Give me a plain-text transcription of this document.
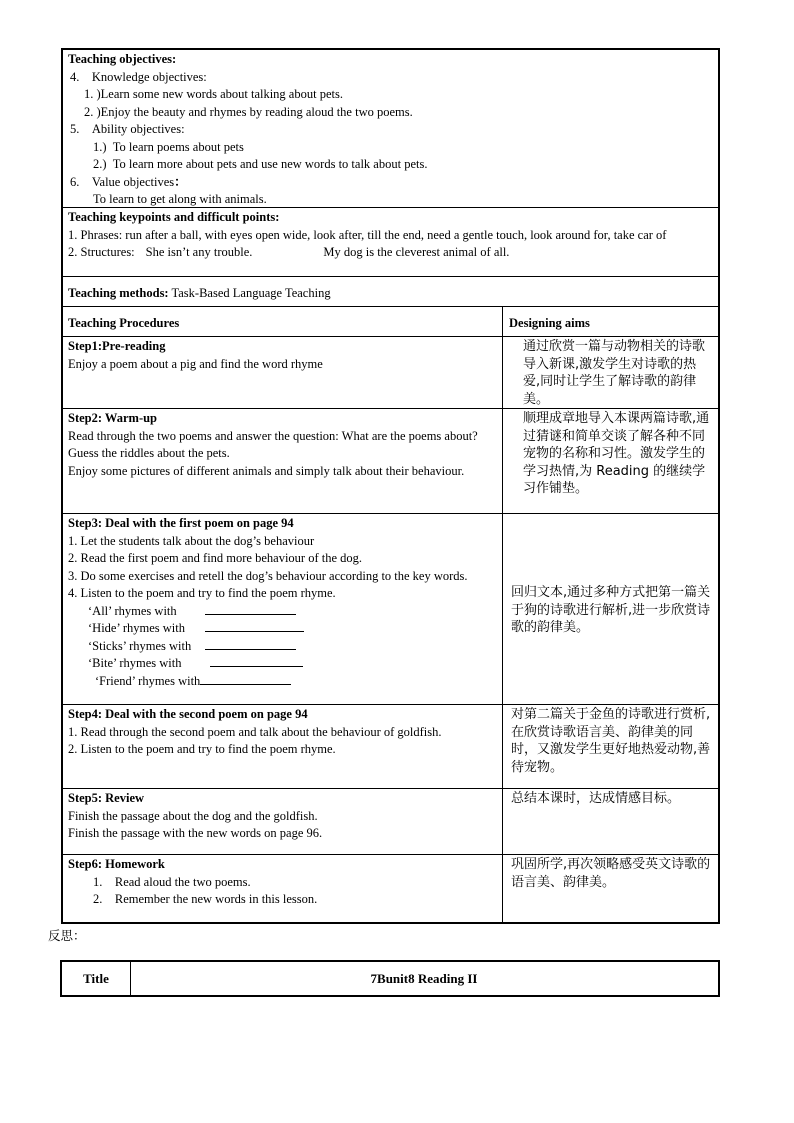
Teaching objectives:
4.    Knowledge objectives:
1. )Learn some new words about talking about pets.
2. )Enjoy the beauty and rhymes by reading aloud the two poems.
5.    Ability objectives:
1.)  To learn poems about pets
2.)  To learn more about pets and use new words to talk about pets.
6.    Value objectives：
To learn to get along with animals.
Teaching keypoints and difficult points:
1. Phrases: run after a ball, with eyes open wide, look after, till the end, need a gentle touch, look around for, take car of
2. Structures: She isn’t any trouble.	My dog is the cleverest animal of all.
Teaching methods: Task-Based Language Teaching
Teaching Procedures	Designing aims
Step1:Pre-reading
Enjoy a poem about a pig and find the word rhyme
通过欣赏一篇与动物相关的诗歌导入新课,激发学生对诗歌的热爱,同时让学生了解诗歌的韵律美。
Step2: Warm-up
Read through the two poems and answer the question: What are the poems about?
Guess the riddles about the pets.
Enjoy some pictures of different animals and simply talk about their behaviour.
顺理成章地导入本课两篇诗歌,通过猜谜和简单交谈了解各种不同宠物的名称和习性。激发学生的学习热情,为 Reading 的继续学习作铺垫。
Step3: Deal with the first poem on page 94
1. Let the students talk about the dog’s behaviour
2. Read the first poem and find more behaviour of the dog.
3. Do some exercises and retell the dog’s behaviour according to the key words.
4. Listen to the poem and try to find the poem rhyme.
‘All’ rhymes with
‘Hide’ rhymes with
‘Sticks’ rhymes with
‘Bite’ rhymes with
‘Friend’ rhymes with
回归文本,通过多种方式把第一篇关于狗的诗歌进行解析,进一步欣赏诗歌的韵律美。
Step4: Deal with the second poem on page 94
1. Read through the second poem and talk about the behaviour of goldfish.
2. Listen to the poem and try to find the poem rhyme.
对第二篇关于金鱼的诗歌进行赏析,在欣赏诗歌语言美、韵律美的同时，又激发学生更好地热爱动物,善待宠物。
Step5: Review
Finish the passage about the dog and the goldfish.
Finish the passage with the new words on page 96.
总结本课时，达成情感目标。
Step6: Homework
1.    Read aloud the two poems.
2.    Remember the new words in this lesson.
巩固所学,再次领略感受英文诗歌的语言美、韵律美。
反思：
Title	7Bunit8 Reading II
